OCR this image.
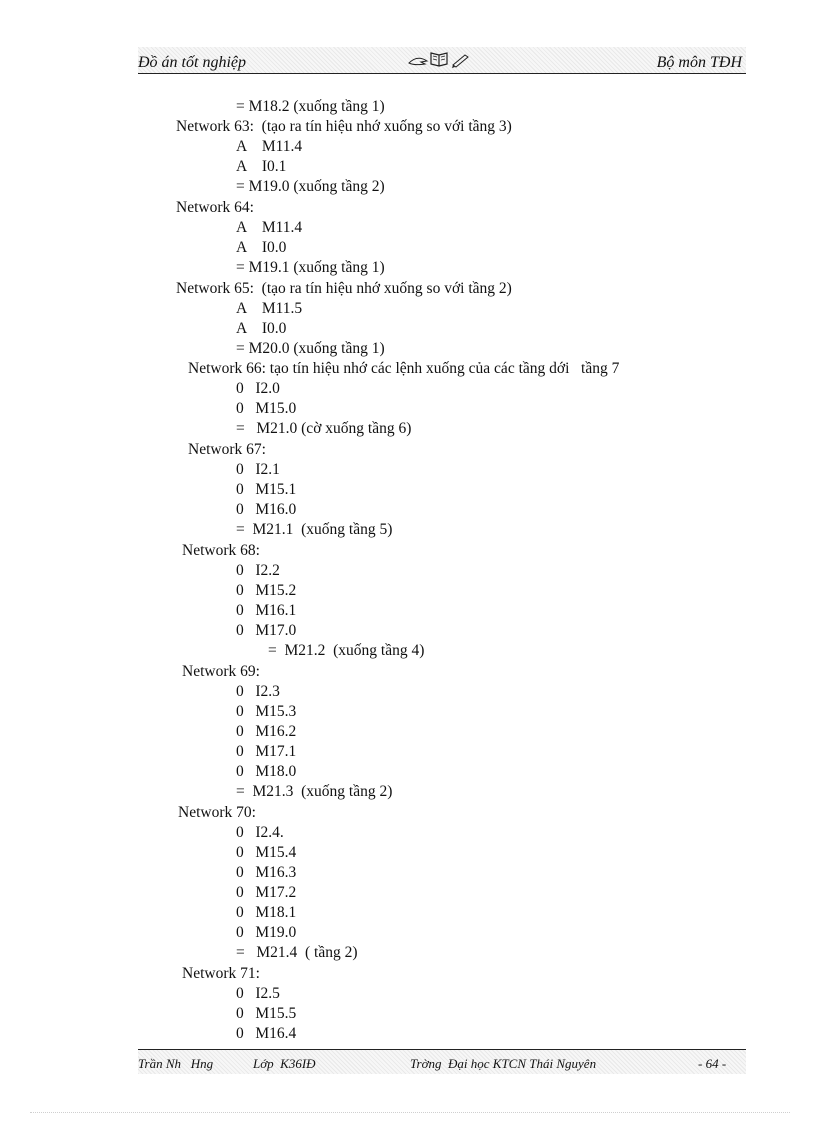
Đồ án tốt nghiệp	Bộ môn TĐH
= M18.2 (xuống tầng 1)
Network 63:  (tạo ra tín hiệu nhớ xuống so với tầng 3)
A    M11.4
A    I0.1
= M19.0 (xuống tầng 2)
Network 64:
A    M11.4
A    I0.0
= M19.1 (xuống tầng 1)
Network 65:  (tạo ra tín hiệu nhớ xuống so với tầng 2)
A    M11.5
A    I0.0
= M20.0 (xuống tầng 1)
Network 66: tạo tín hiệu nhớ các lệnh xuống của các tầng dới   tầng 7
0   I2.0
0   M15.0
=   M21.0 (cờ xuống tầng 6)
Network 67:
0   I2.1
0   M15.1
0   M16.0
=  M21.1  (xuống tầng 5)
Network 68:
0   I2.2
0   M15.2
0   M16.1
0   M17.0
=  M21.2  (xuống tầng 4)
Network 69:
0   I2.3
0   M15.3
0   M16.2
0   M17.1
0   M18.0
=  M21.3  (xuống tầng 2)
Network 70:
0   I2.4.
0   M15.4
0   M16.3
0   M17.2
0   M18.1
0   M19.0
=   M21.4  ( tầng 2)
Network 71:
0   I2.5
0   M15.5
0   M16.4
Trần Nh   Hng	Lớp  K36IĐ	Trờng  Đại học KTCN Thái Nguyên	- 64 -
